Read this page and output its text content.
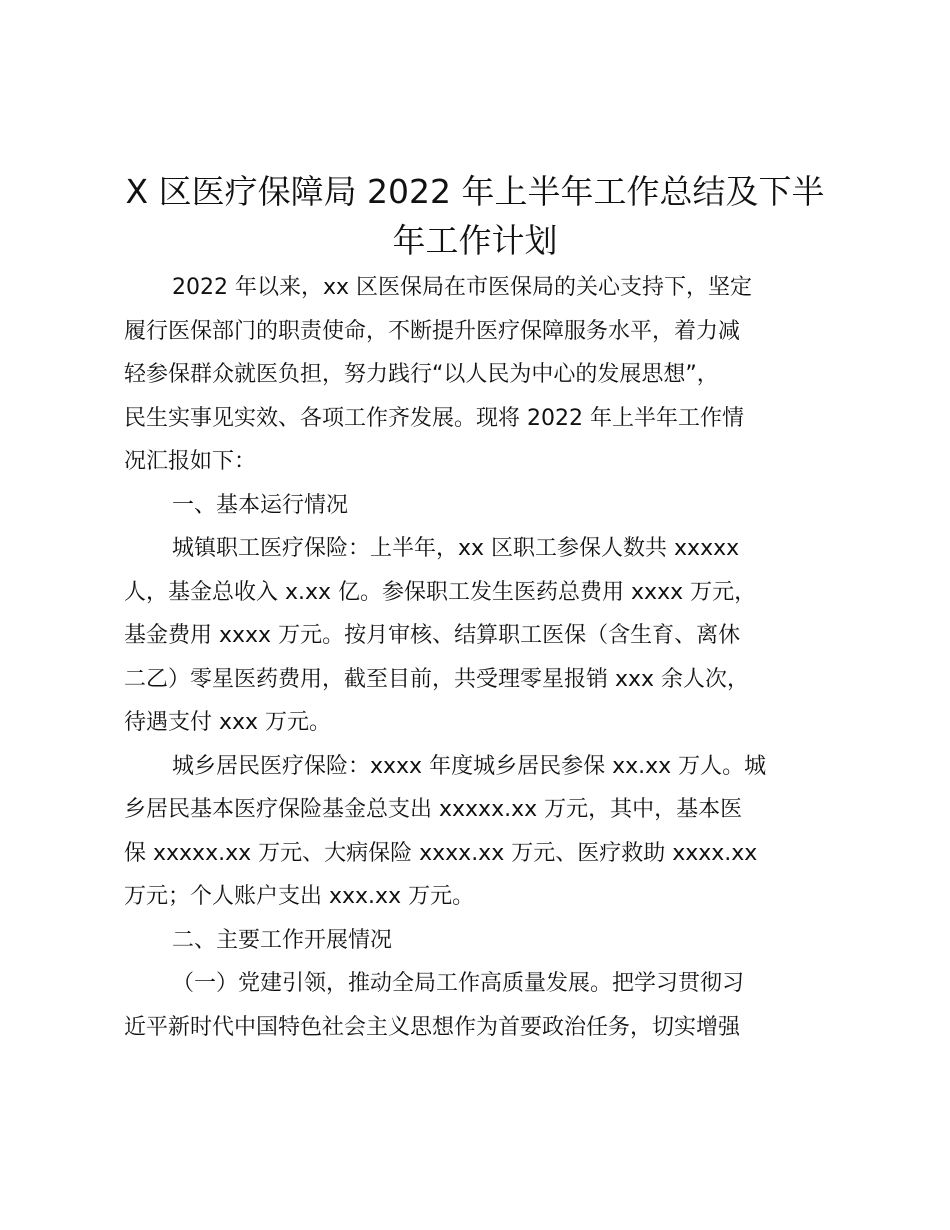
X 区医疗保障局 2022 年上半年工作总结及下半
年工作计划
2022 年以来，xx 区医保局在市医保局的关心支持下，坚定
履行医保部门的职责使命，不断提升医疗保障服务水平，着力减
轻参保群众就医负担，努力践行“以人民为中心的发展思想”，
民生实事见实效、各项工作齐发展。现将 2022 年上半年工作情
况汇报如下：
一、基本运行情况
城镇职工医疗保险：上半年，xx 区职工参保人数共 xxxxx
人，基金总收入 x.xx 亿。参保职工发生医药总费用 xxxx 万元，
基金费用 xxxx 万元。按月审核、结算职工医保（含生育、离休
二乙）零星医药费用，截至目前，共受理零星报销 xxx 余人次，
待遇支付 xxx 万元。
城乡居民医疗保险：xxxx 年度城乡居民参保 xx.xx 万人。城
乡居民基本医疗保险基金总支出 xxxxx.xx 万元，其中，基本医
保 xxxxx.xx 万元、大病保险 xxxx.xx 万元、医疗救助 xxxx.xx
万元；个人账户支出 xxx.xx 万元。
二、主要工作开展情况
（一）党建引领，推动全局工作高质量发展。把学习贯彻习
近平新时代中国特色社会主义思想作为首要政治任务，切实增强
